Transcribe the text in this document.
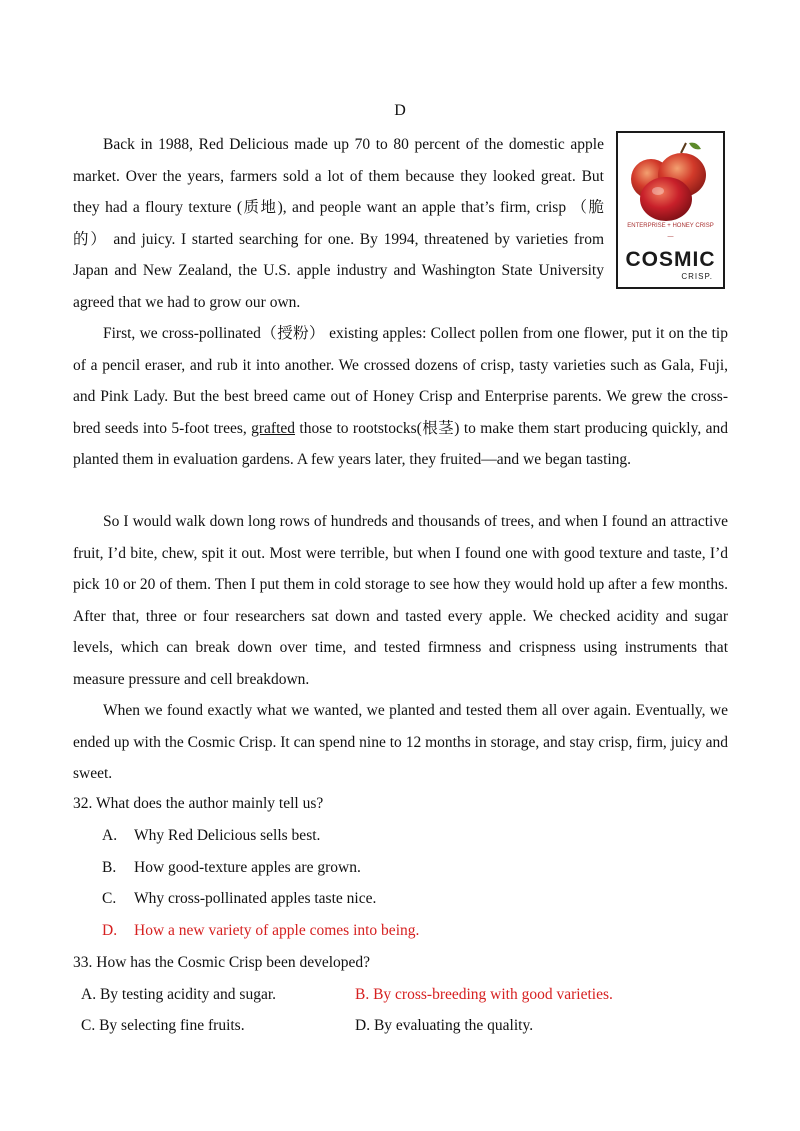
D

Back in 1988, Red Delicious made up 70 to 80 percent of the domestic apple market. Over the years, farmers sold a lot of them because they looked great. But they had a floury texture (质地), and people want an apple that’s firm, crisp （脆的） and juicy. I started searching for one. By 1994, threatened by varieties from Japan and New Zealand, the U.S. apple industry and Washington State University agreed that we had to grow our own.

ENTERPRISE + HONEY CRISP
—
COSMIC
CRISP.

First, we cross-pollinated（授粉） existing apples: Collect pollen from one flower, put it on the tip of a pencil eraser, and rub it into another. We crossed dozens of crisp, tasty varieties such as Gala, Fuji, and Pink Lady. But the best breed came out of Honey Crisp and Enterprise parents. We grew the cross-bred seeds into 5-foot trees, grafted those to rootstocks(根茎) to make them start producing quickly, and planted them in evaluation gardens. A few years later, they fruited—and we began tasting.

So I would walk down long rows of hundreds and thousands of trees, and when I found an attractive fruit, I’d bite, chew, spit it out. Most were terrible, but when I found one with good texture and taste, I’d pick 10 or 20 of them. Then I put them in cold storage to see how they would hold up after a few months. After that, three or four researchers sat down and tasted every apple. We checked acidity and sugar levels, which can break down over time, and tested firmness and crispness using instruments that measure pressure and cell breakdown.

When we found exactly what we wanted, we planted and tested them all over again. Eventually, we ended up with the Cosmic Crisp. It can spend nine to 12 months in storage, and stay crisp, firm, juicy and sweet.

32. What does the author mainly tell us?
A. Why Red Delicious sells best.
B. How good-texture apples are grown.
C. Why cross-pollinated apples taste nice.
D. How a new variety of apple comes into being.
33. How has the Cosmic Crisp been developed?
A. By testing acidity and sugar.	B. By cross-breeding with good varieties.
C. By selecting fine fruits.	D. By evaluating the quality.
